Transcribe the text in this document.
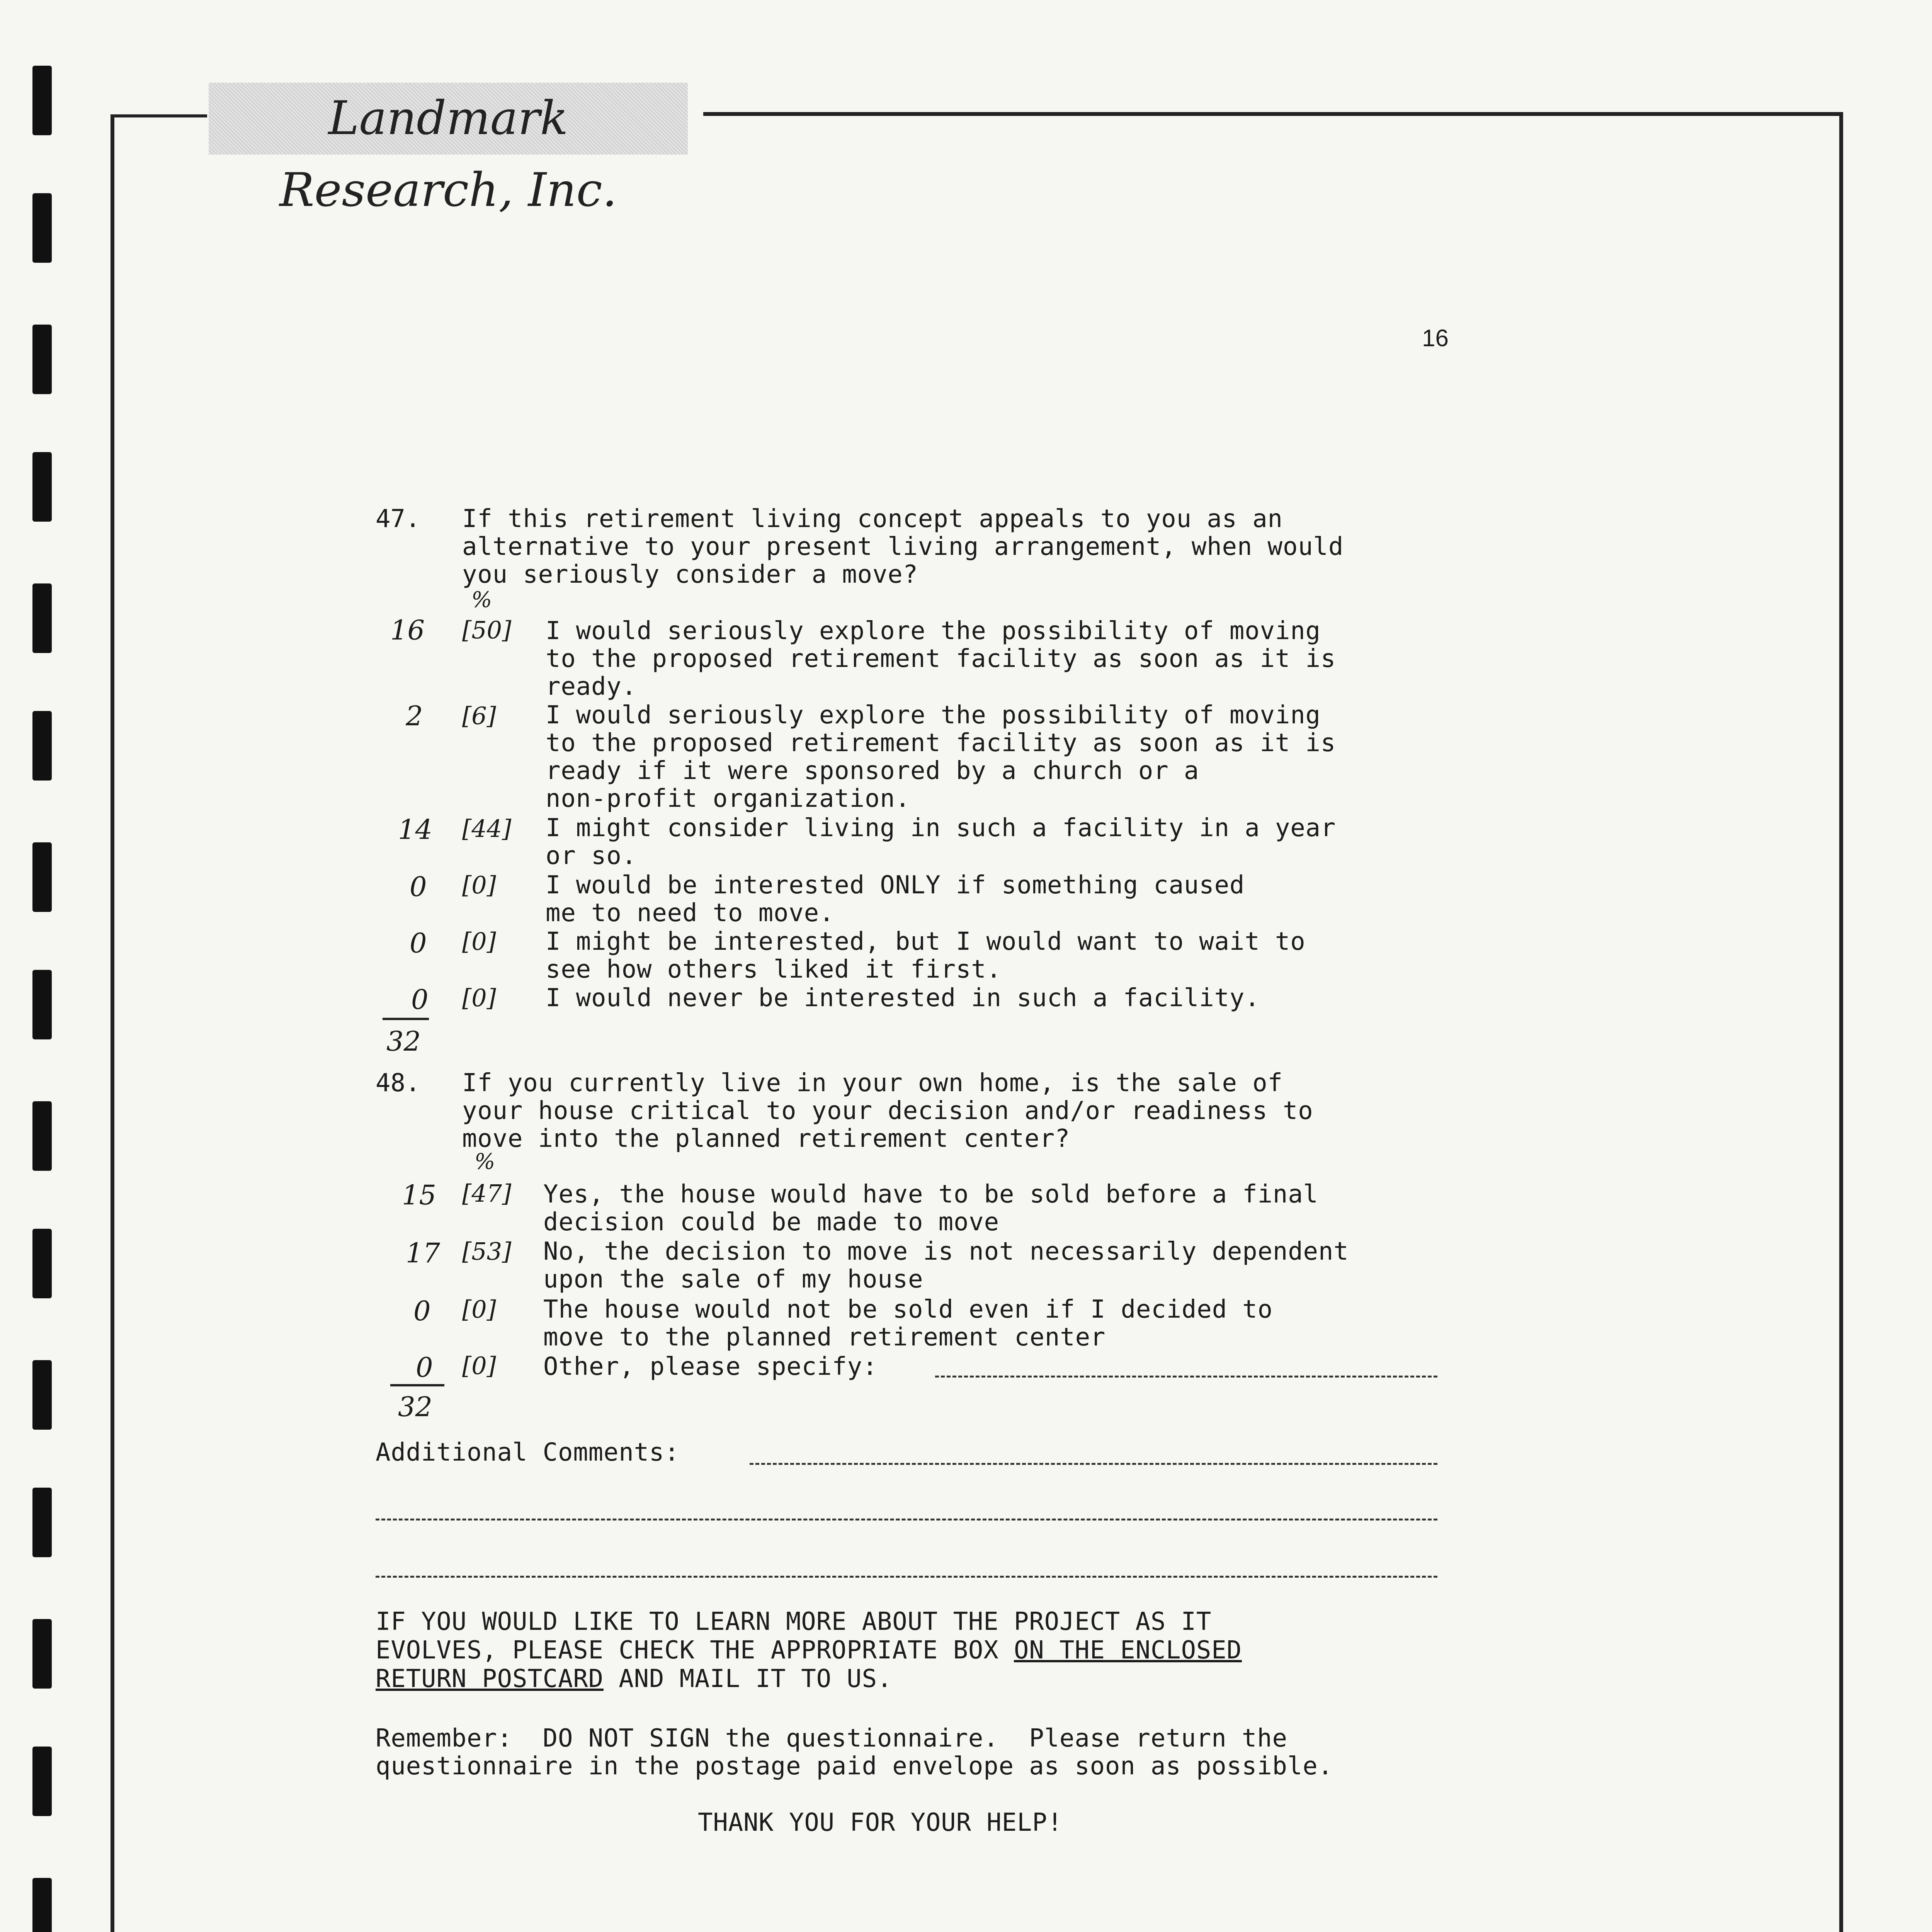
Landmark Research, Inc.
16
47. If this retirement living concept appeals to you as an
alternative to your present living arrangement, when would
you seriously consider a move?
%
16 [50] I would seriously explore the possibility of moving
to the proposed retirement facility as soon as it is
ready.
2 [6] I would seriously explore the possibility of moving
to the proposed retirement facility as soon as it is
ready if it were sponsored by a church or a
non-profit organization.
14 [44] I might consider living in such a facility in a year
or so.
0 [0] I would be interested ONLY if something caused
me to need to move.
0 [0] I might be interested, but I would want to wait to
see how others liked it first.
0 [0] I would never be interested in such a facility.
32
48. If you currently live in your own home, is the sale of
your house critical to your decision and/or readiness to
move into the planned retirement center?
%
15 [47] Yes, the house would have to be sold before a final
decision could be made to move
17 [53] No, the decision to move is not necessarily dependent
upon the sale of my house
0 [0] The house would not be sold even if I decided to
move to the planned retirement center
0 [0] Other, please specify:
32
Additional Comments:
IF YOU WOULD LIKE TO LEARN MORE ABOUT THE PROJECT AS IT
EVOLVES, PLEASE CHECK THE APPROPRIATE BOX ON THE ENCLOSED
RETURN POSTCARD AND MAIL IT TO US.
Remember:  DO NOT SIGN the questionnaire.  Please return the
questionnaire in the postage paid envelope as soon as possible.
THANK YOU FOR YOUR HELP!
